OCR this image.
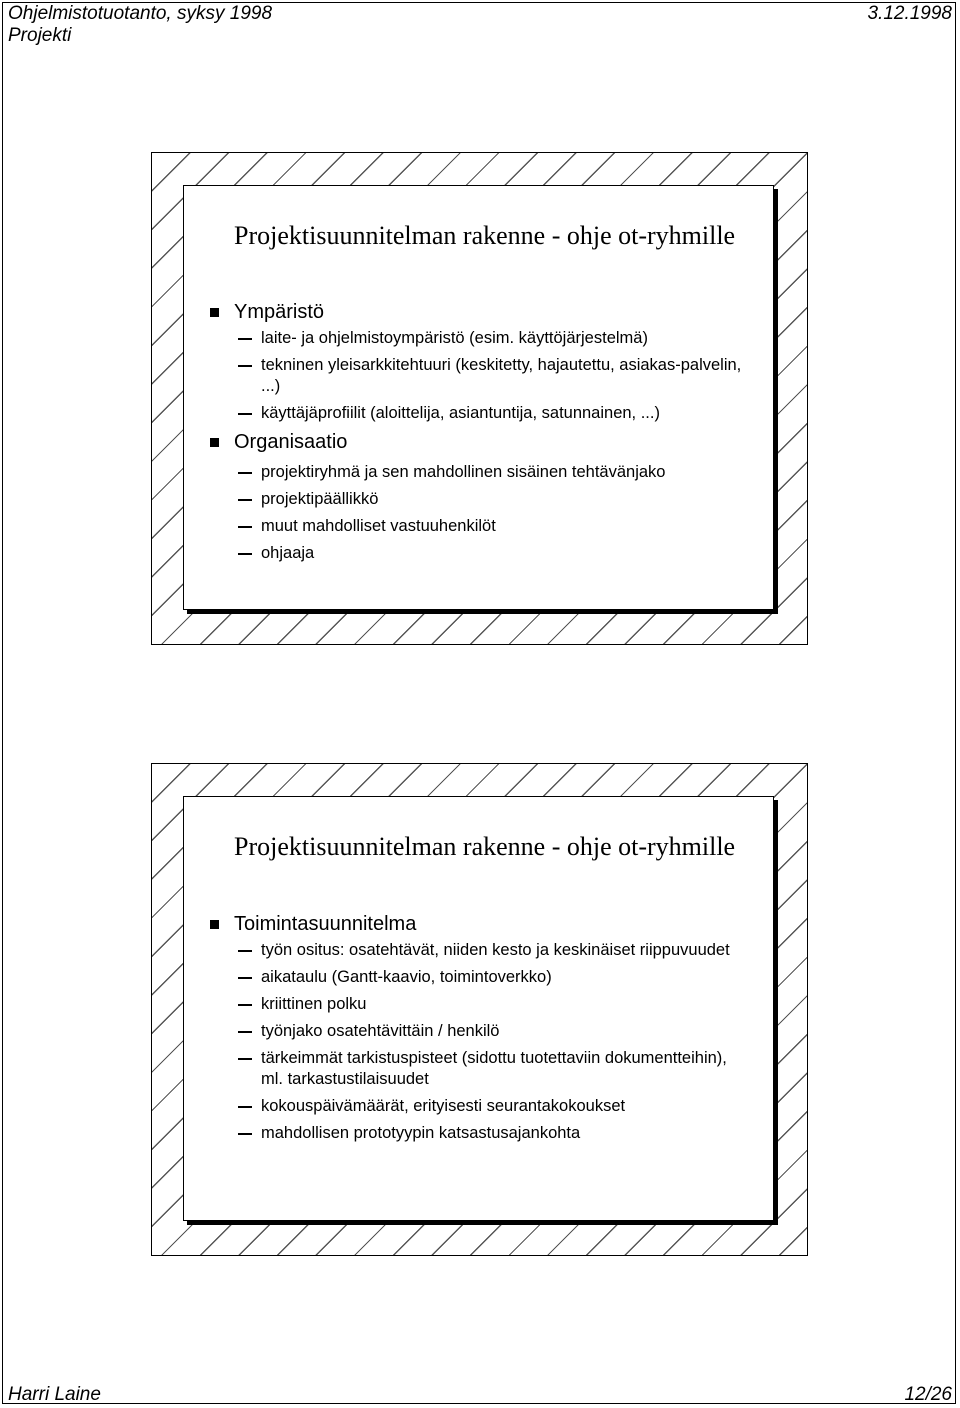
Ohjelmistotuotanto, syksy 1998
Projekti
3.12.1998
Projektisuunnitelman rakenne - ohje ot-ryhmille
Ympäristö
laite- ja ohjelmistoympäristö (esim. käyttöjärjestelmä)
tekninen yleisarkkitehtuuri (keskitetty, hajautettu, asiakas-palvelin, ...)
käyttäjäprofiilit (aloittelija, asiantuntija, satunnainen, ...)
Organisaatio
projektiryhmä ja sen mahdollinen sisäinen tehtävänjako
projektipäällikkö
muut mahdolliset vastuuhenkilöt
ohjaaja
Projektisuunnitelman rakenne - ohje ot-ryhmille
Toimintasuunnitelma
työn ositus: osatehtävät, niiden kesto ja keskinäiset riippuvuudet
aikataulu (Gantt-kaavio, toimintoverkko)
kriittinen polku
työnjako osatehtävittäin / henkilö
tärkeimmät tarkistuspisteet (sidottu tuotettaviin dokumentteihin), ml. tarkastustilaisuudet
kokouspäivämäärät, erityisesti seurantakokoukset
mahdollisen prototyypin katsastusajankohta
Harri Laine	12/26
